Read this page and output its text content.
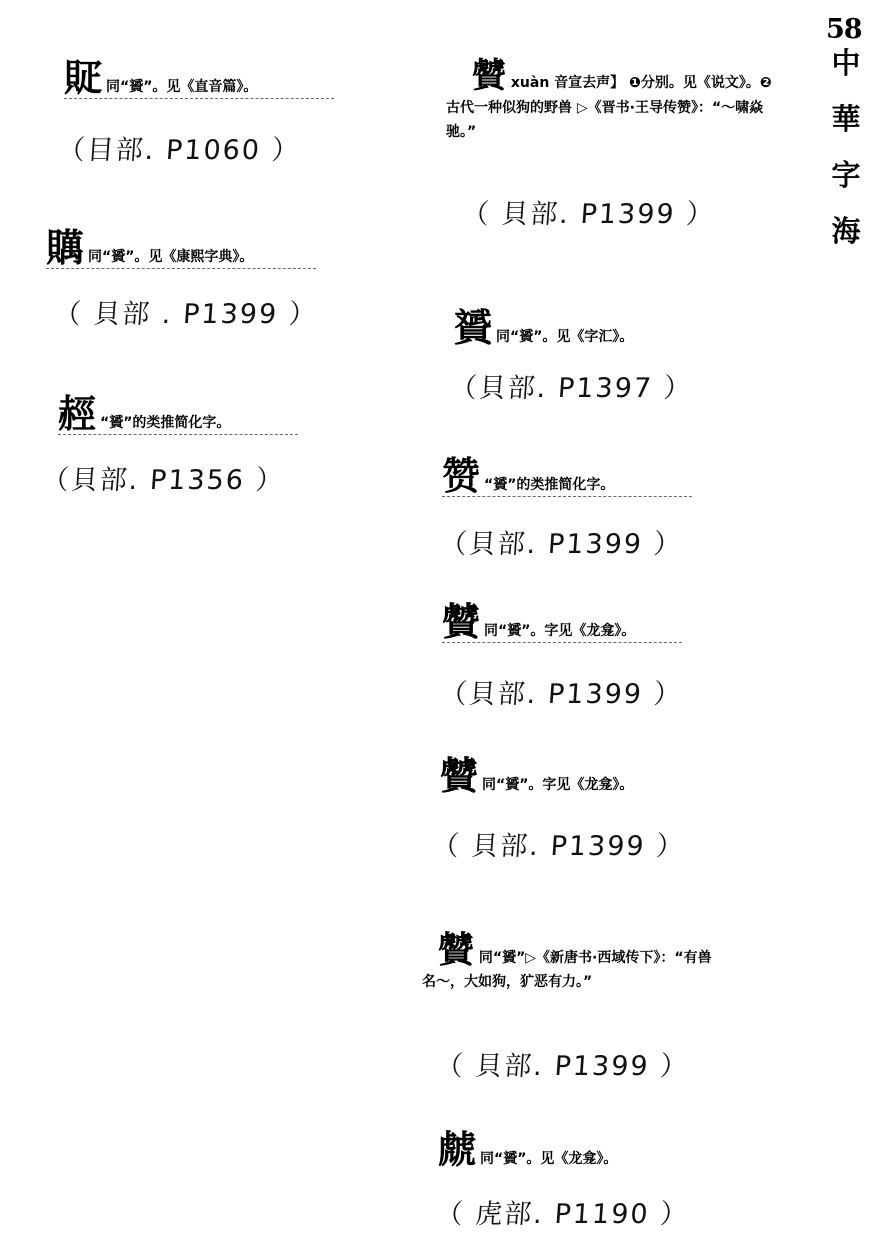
58
中
華
字
海
䝪 同“贇”。见《直音篇》。
（目部. P1060 ）
贎 同“贇”。见《康熙字典》。
（ 貝部 . P1399 ）
䞓 “贇”的类推简化字。
（貝部. P1356 ）
贙 xuàn 音宣去声】 ❶分别。见《说文》。❷古代一种似狗的野兽 ▷《晋书·王导传赞》：“～啸焱驰。”
（ 貝部. P1399 ）
贇 同“贇”。见《字汇》。
（貝部. P1397 ）
赞 “贇”的类推简化字。
（貝部. P1399 ）
贙 同“贇”。字见《龙龛》。
（貝部. P1399 ）
贙 同“贇”。字见《龙龛》。
（ 貝部. P1399 ）
贙 同“贇”▷《新唐书·西域传下》：“有兽名～，大如狗，犷恶有力。”
（ 貝部. P1399 ）
虤 同“贇”。见《龙龛》。
（ 虎部. P1190 ）
